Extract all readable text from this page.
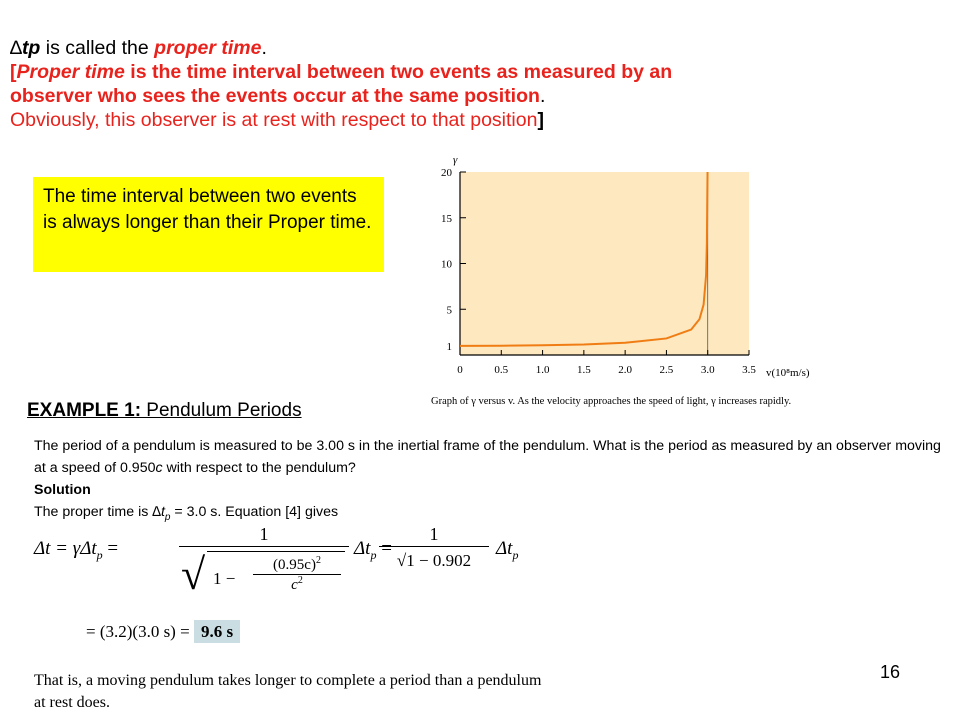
∆tp is called the proper time.
[Proper time is the time interval between two events as measured by an
observer who sees the events occur at the same position.
Obviously, this observer is at rest with respect to that position]
The time interval between two events is always longer than their Proper time.
γ
1
5
10
15
20
0	0.5	1.0	1.5	2.0	2.5	3.0	3.5 v(10⁸m/s)
Graph of γ versus v. As the velocity approaches the speed of light, γ increases rapidly.
EXAMPLE 1: Pendulum Periods
The period of a pendulum is measured to be 3.00 s in the inertial frame of the pendulum. What is the period as measured by an observer moving at a speed of 0.950c with respect to the pendulum?
Solution
The proper time is $\Delta t_p = 3.0$ s. Equation [4] gives
Δt = γΔt$_p$ =
1
√ 1 −
$(0.95c)^2$
$c^2$
$\Delta t_p$ =
1
√1 − 0.902
$\Delta t_p$
= (3.2)(3.0 s) = 9.6 s
That is, a moving pendulum takes longer to complete a period than a pendulum at rest does.
16
